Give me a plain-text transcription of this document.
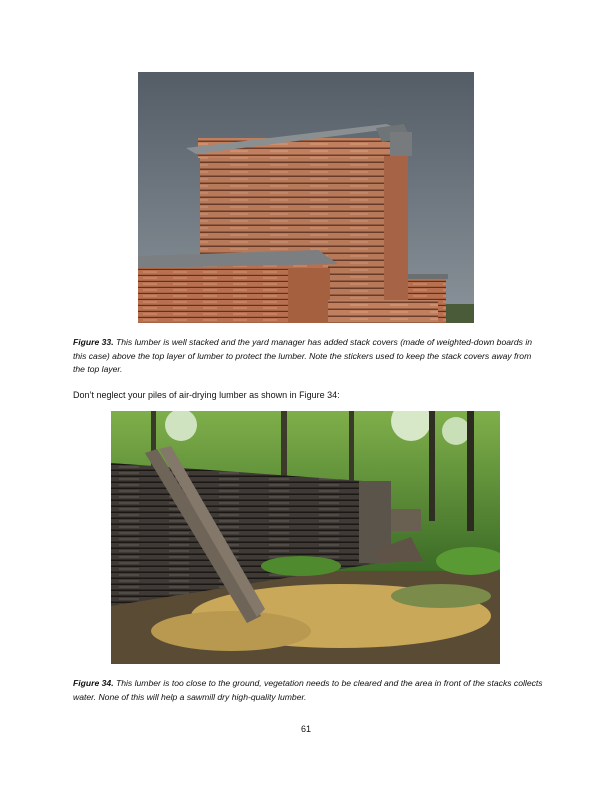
Figure 33. This lumber is well stacked and the yard manager has added stack covers (made of weighted-down boards in this case) above the top layer of lumber to protect the lumber. Note the stickers used to keep the stack covers away from the top layer.
Don’t neglect your piles of air-drying lumber as shown in Figure 34:
Figure 34. This lumber is too close to the ground, vegetation needs to be cleared and the area in front of the stacks collects water. None of this will help a sawmill dry high-quality lumber.
61
